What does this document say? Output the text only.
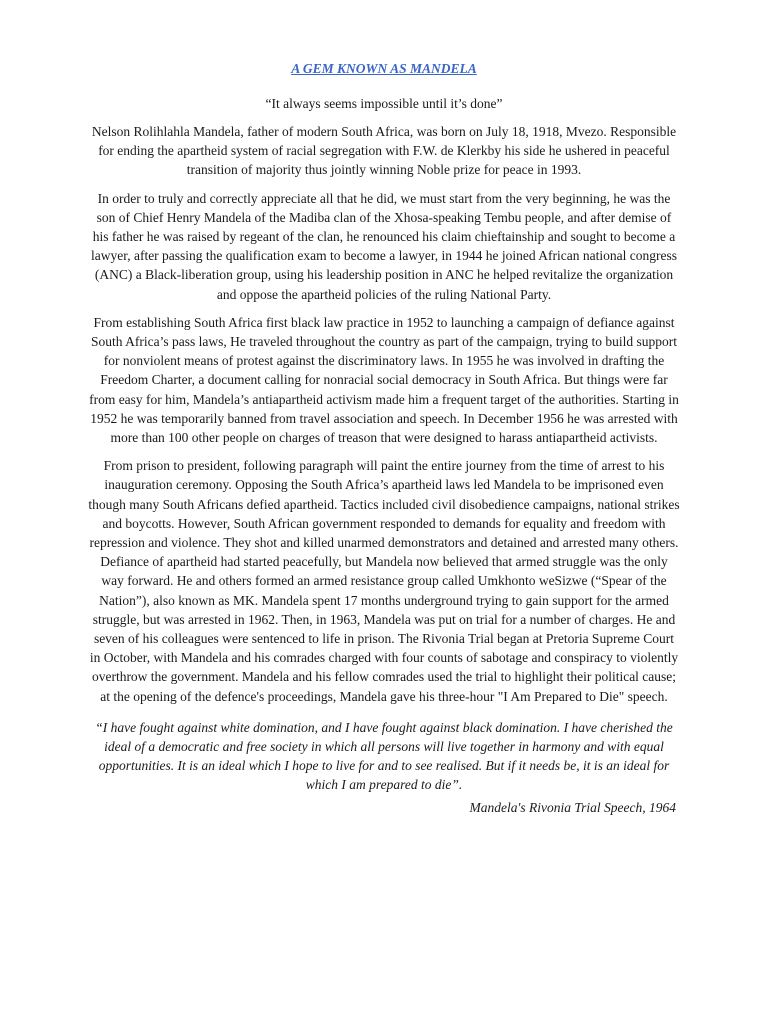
A GEM KNOWN AS MANDELA
“It always seems impossible until it’s done”

Nelson Rolihlahla Mandela, father of modern South Africa, was born on July 18, 1918, Mvezo. Responsible for ending the apartheid system of racial segregation with F.W. de Klerkby his side he ushered in peaceful transition of majority thus jointly winning Noble prize for peace in 1993.

In order to truly and correctly appreciate all that he did, we must start from the very beginning, he was the son of Chief Henry Mandela of the Madiba clan of the Xhosa-speaking Tembu people, and after demise of his father he was raised by regeant of the clan, he renounced his claim chieftainship and sought to become a lawyer, after passing the qualification exam to become a lawyer, in 1944 he joined African national congress (ANC) a Black-liberation group, using his leadership position in ANC he helped revitalize the organization and oppose the apartheid policies of the ruling National Party.

From establishing South Africa first black law practice in 1952 to launching a campaign of defiance against South Africa’s pass laws, He traveled throughout the country as part of the campaign, trying to build support for nonviolent means of protest against the discriminatory laws. In 1955 he was involved in drafting the Freedom Charter, a document calling for nonracial social democracy in South Africa. But things were far from easy for him, Mandela’s antiapartheid activism made him a frequent target of the authorities. Starting in 1952 he was temporarily banned from travel association and speech. In December 1956 he was arrested with more than 100 other people on charges of treason that were designed to harass antiapartheid activists.

From prison to president, following paragraph will paint the entire journey from the time of arrest to his inauguration ceremony. Opposing the South Africa’s apartheid laws led Mandela to be imprisoned even though many South Africans defied apartheid. Tactics included civil disobedience campaigns, national strikes and boycotts. However, South African government responded to demands for equality and freedom with repression and violence. They shot and killed unarmed demonstrators and detained and arrested many others. Defiance of apartheid had started peacefully, but Mandela now believed that armed struggle was the only way forward. He and others formed an armed resistance group called Umkhonto weSizwe (“Spear of the Nation”), also known as MK. Mandela spent 17 months underground trying to gain support for the armed struggle, but was arrested in 1962. Then, in 1963, Mandela was put on trial for a number of charges. He and seven of his colleagues were sentenced to life in prison. The Rivonia Trial began at Pretoria Supreme Court in October, with Mandela and his comrades charged with four counts of sabotage and conspiracy to violently overthrow the government. Mandela and his fellow comrades used the trial to highlight their political cause; at the opening of the defence's proceedings, Mandela gave his three-hour "I Am Prepared to Die" speech.

“I have fought against white domination, and I have fought against black domination. I have cherished the ideal of a democratic and free society in which all persons will live together in harmony and with equal opportunities. It is an ideal which I hope to live for and to see realised. But if it needs be, it is an ideal for which I am prepared to die”.

Mandela's Rivonia Trial Speech, 1964
